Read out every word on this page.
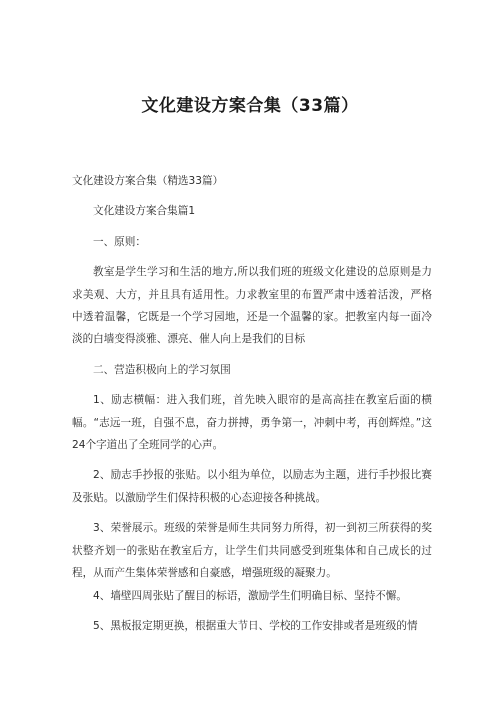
文化建设方案合集（33篇）

文化建设方案合集（精选33篇）

文化建设方案合集篇1

一、原则：

教室是学生学习和生活的地方,所以我们班的班级文化建设的总原则是力求美观、大方，并且具有适用性。力求教室里的布置严肃中透着活泼，严格中透着温馨，它既是一个学习园地，还是一个温馨的家。把教室内每一面冷淡的白墙变得淡雅、漂亮、催人向上是我们的目标

二、营造积极向上的学习氛围

1、励志横幅：进入我们班，首先映入眼帘的是高高挂在教室后面的横幅。“志远一班，自强不息，奋力拼搏，勇争第一，冲刺中考，再创辉煌。”这24个字道出了全班同学的心声。

2、励志手抄报的张贴。以小组为单位，以励志为主题，进行手抄报比赛及张贴。以激励学生们保持积极的心态迎接各种挑战。

3、荣誉展示。班级的荣誉是师生共同努力所得，初一到初三所获得的奖状整齐划一的张贴在教室后方，让学生们共同感受到班集体和自己成长的过程，从而产生集体荣誉感和自豪感，增强班级的凝聚力。

4、墙壁四周张贴了醒目的标语，激励学生们明确目标、坚持不懈。

5、黑板报定期更换，根据重大节日、学校的工作安排或者是班级的情
